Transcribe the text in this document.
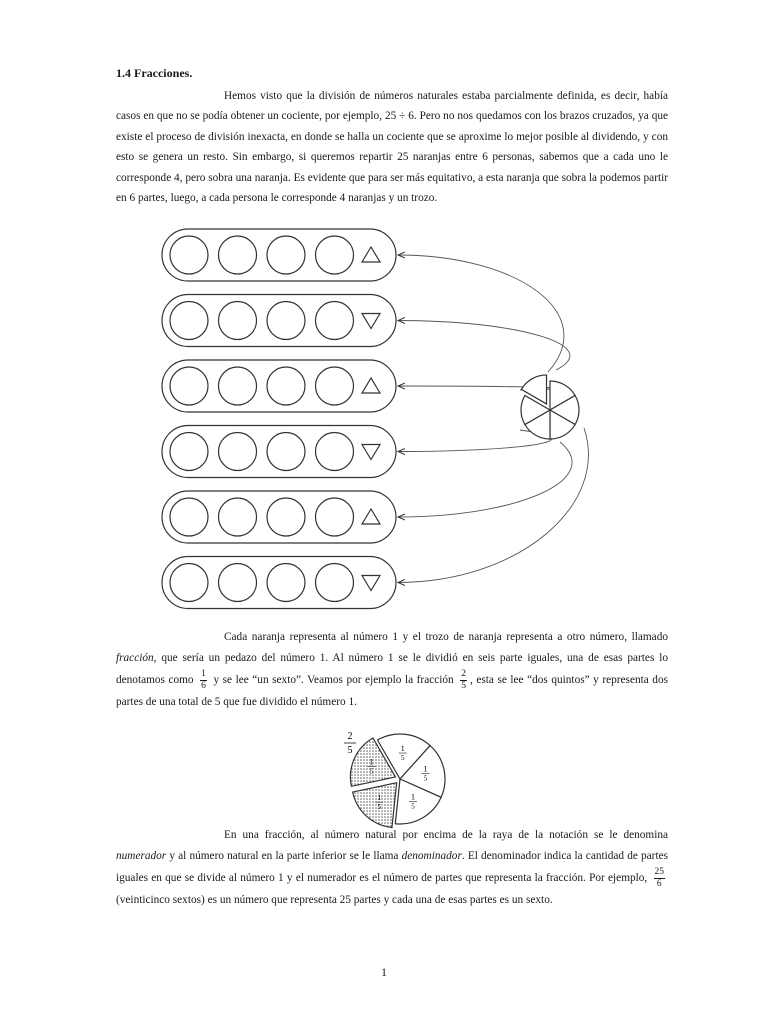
1.4 Fracciones.

Hemos visto que la división de números naturales estaba parcialmente definida, es decir, había casos en que no se podía obtener un cociente, por ejemplo, 25 ÷ 6. Pero no nos quedamos con los brazos cruzados, ya que existe el proceso de división inexacta, en donde se halla un cociente que se aproxime lo mejor posible al dividendo, y con esto se genera un resto. Sin embargo, si queremos repartir 25 naranjas entre 6 personas, sabemos que a cada uno le corresponde 4, pero sobra una naranja. Es evidente que para ser más equitativo, a esta naranja que sobra la podemos partir en 6 partes, luego, a cada persona le corresponde 4 naranjas y un trozo.

Cada naranja representa al número 1 y el trozo de naranja representa a otro número, llamado fracción, que sería un pedazo del número 1. Al número 1 se le dividió en seis parte iguales, una de esas partes lo denotamos como $\frac{1}{6}$ y se lee “un sexto”. Veamos por ejemplo la fracción $\frac{2}{5}$ , esta se lee “dos quintos” y representa dos partes de una total de 5 que fue dividido el número 1.

2
5	1
5
1
5
1
5
1
5
1
5

En una fracción, al número natural por encima de la raya de la notación se le denomina numerador y al número natural en la parte inferior se le llama denominador. El denominador indica la cantidad de partes iguales en que se divide al número 1 y el numerador es el número de partes que representa la fracción. Por ejemplo, $\frac{25}{6}$
(veinticinco sextos) es un número que representa 25 partes y cada una de esas partes es un sexto.

1
